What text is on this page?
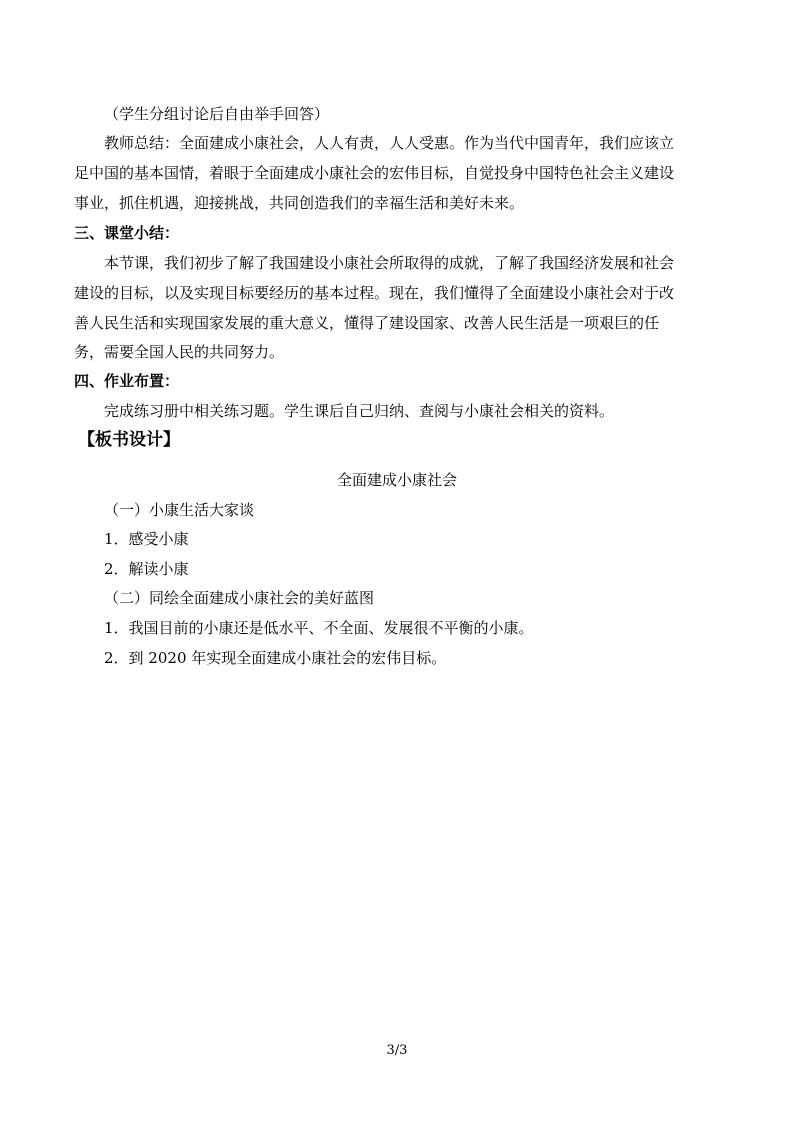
（学生分组讨论后自由举手回答）
教师总结：全面建成小康社会，人人有责，人人受惠。作为当代中国青年，我们应该立
足中国的基本国情，着眼于全面建成小康社会的宏伟目标，自觉投身中国特色社会主义建设
事业，抓住机遇，迎接挑战，共同创造我们的幸福生活和美好未来。
三、课堂小结：
本节课，我们初步了解了我国建设小康社会所取得的成就，了解了我国经济发展和社会
建设的目标，以及实现目标要经历的基本过程。现在，我们懂得了全面建设小康社会对于改
善人民生活和实现国家发展的重大意义，懂得了建设国家、改善人民生活是一项艰巨的任
务，需要全国人民的共同努力。
四、作业布置：
完成练习册中相关练习题。学生课后自己归纳、查阅与小康社会相关的资料。
【板书设计】
全面建成小康社会
（一）小康生活大家谈
1．感受小康
2．解读小康
（二）同绘全面建成小康社会的美好蓝图
1．我国目前的小康还是低水平、不全面、发展很不平衡的小康。
2．到 2020 年实现全面建成小康社会的宏伟目标。
3/3
